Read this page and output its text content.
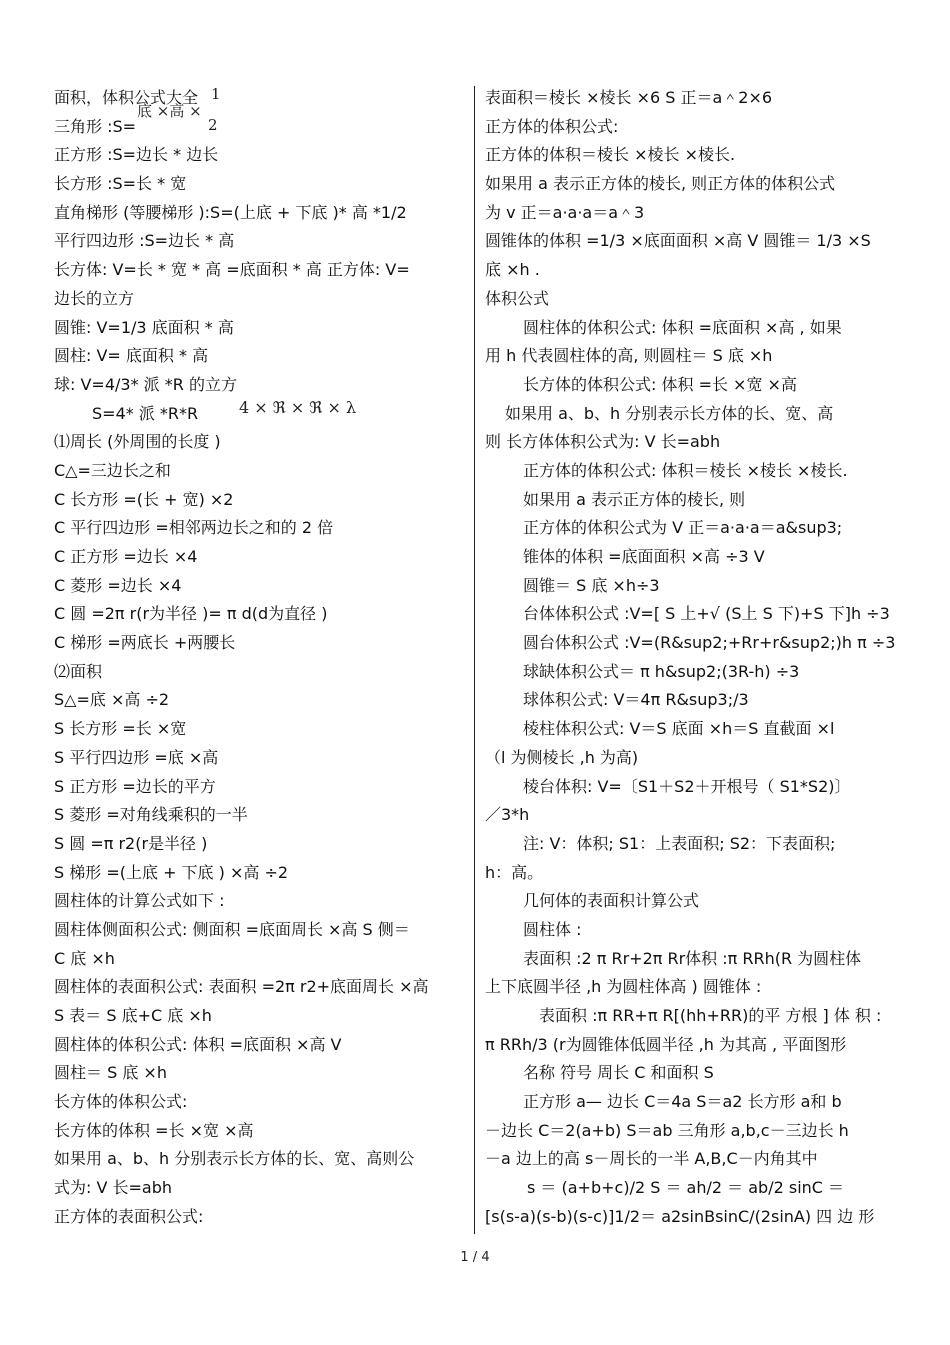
面积，体积公式大全
三角形 :S=
正方形 :S=边长 * 边长
长方形 :S=长 * 宽
直角梯形 (等腰梯形 ):S=(上底 + 下底 )* 高 *1/2
平行四边形 :S=边长 * 高
长方体: V=长 * 宽 * 高 =底面积 * 高 正方体: V=
边长的立方
圆锥: V=1/3 底面积 * 高
圆柱: V= 底面积 * 高
球: V=4/3* 派 *R 的立方
S=4* 派 *R*R
⑴周长 (外周围的长度 )
C△=三边长之和
C 长方形 =(长 + 宽) ×2
C 平行四边形 =相邻两边长之和的 2 倍
C 正方形 =边长 ×4
C 菱形 =边长 ×4
C 圆 =2π r(r为半径 )= π d(d为直径 )
C 梯形 =两底长 +两腰长
⑵面积
S△=底 ×高 ÷2
S 长方形 =长 ×宽
S 平行四边形 =底 ×高
S 正方形 =边长的平方
S 菱形 =对角线乘积的一半
S 圆 =π r2(r是半径 )
S 梯形 =(上底 + 下底 ) ×高 ÷2
圆柱体的计算公式如下 :
圆柱体侧面积公式: 侧面积 =底面周长 ×高 S 侧＝
C 底 ×h
圆柱体的表面积公式: 表面积 =2π r2+底面周长 ×高
S 表＝ S 底+C 底 ×h
圆柱体的体积公式: 体积 =底面积 ×高 V
圆柱＝ S 底 ×h
长方体的体积公式:
长方体的体积 =长 ×宽 ×高
如果用 a、b、h 分别表示长方体的长、宽、高则公
式为: V 长=abh
正方体的表面积公式:
表面积＝棱长 ×棱长 ×6 S 正＝a＾2×6
正方体的体积公式:
正方体的体积＝棱长 ×棱长 ×棱长.
如果用 a 表示正方体的棱长, 则正方体的体积公式
为 v 正＝a·a·a＝a＾3
圆锥体的体积 =1/3 ×底面面积 ×高 V 圆锥＝ 1/3 ×S
底 ×h .
体积公式
圆柱体的体积公式: 体积 =底面积 ×高 , 如果
用 h 代表圆柱体的高, 则圆柱＝ S 底 ×h
长方体的体积公式: 体积 =长 ×宽 ×高
如果用 a、b、h 分别表示长方体的长、宽、高
则 长方体体积公式为: V 长=abh
正方体的体积公式: 体积＝棱长 ×棱长 ×棱长.
如果用 a 表示正方体的棱长, 则
正方体的体积公式为 V 正＝a·a·a＝a&sup3;
锥体的体积 =底面面积 ×高 ÷3 V
圆锥＝ S 底 ×h÷3
台体体积公式 :V=[ S 上+√ (S上 S 下)+S 下]h ÷3
圆台体积公式 :V=(R&sup2;+Rr+r&sup2;)h π ÷3
球缺体积公式＝ π h&sup2;(3R-h) ÷3
球体积公式: V＝4π R&sup3;/3
棱柱体积公式: V＝S 底面 ×h＝S 直截面 ×l
（l 为侧棱长 ,h 为高)
棱台体积: V=〔S1＋S2＋开根号（ S1*S2)〕
／3*h
注: V：体积; S1：上表面积; S2：下表面积;
h：高。
几何体的表面积计算公式
圆柱体 :
表面积 :2 π Rr+2π Rr体积 :π RRh(R 为圆柱体
上下底圆半径 ,h 为圆柱体高 ) 圆锥体 :
表面积 :π RR+π R[(hh+RR)的平 方根 ] 体 积 :
π RRh/3 (r为圆锥体低圆半径 ,h 为其高 , 平面图形
名称 符号 周长 C 和面积 S
正方形 a— 边长 C＝4a S＝a2 长方形 a和 b
－边长 C＝2(a+b) S＝ab 三角形 a,b,c－三边长 h
－a 边上的高 s－周长的一半 A,B,C－内角其中
s ＝ (a+b+c)/2 S ＝ ah/2 ＝ ab/2 sinC ＝
[s(s-a)(s-b)(s-c)]1/2＝ a2sinBsinC/(2sinA) 四 边 形
底 ×高 ×
1
2
4 × ℜ × ℜ × λ
1 / 4
